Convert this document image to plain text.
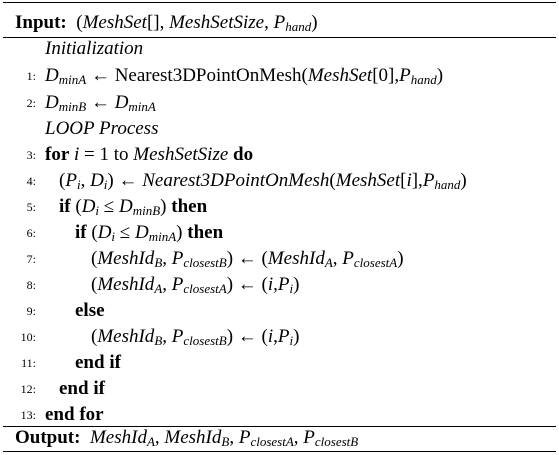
Input:  (MeshSet[], MeshSetSize, $P_{hand}$)
Initialization
1: $D_{minA}$ ← $Nearest3DPointOnMesh(MeshSet[0],P_{hand})$
2: $D_{minB}$ ← $D_{minA}$
LOOP Process
3: for i = 1 to MeshSetSize do
4: ($P_i$, $D_i$) ← $Nearest3DPointOnMesh(MeshSet[i],P_{hand})$
5: if $(D_i \le D_{minB})$ then
6: if $(D_i \le D_{minA})$ then
7:	(MeshId$_B$, $P_{closestB}$) ← (MeshId$_A$, $P_{closestA}$)
8:	(MeshId$_A$, $P_{closestA}$) ← $(i,P_i)$
9: else
10:	(MeshId$_B$, $P_{closestB}$) ← $(i,P_i)$
11: end if
12: end if
13: end for
Output: MeshId$_A$, MeshId$_B$, $P_{closestA}$, $P_{closestB}$
